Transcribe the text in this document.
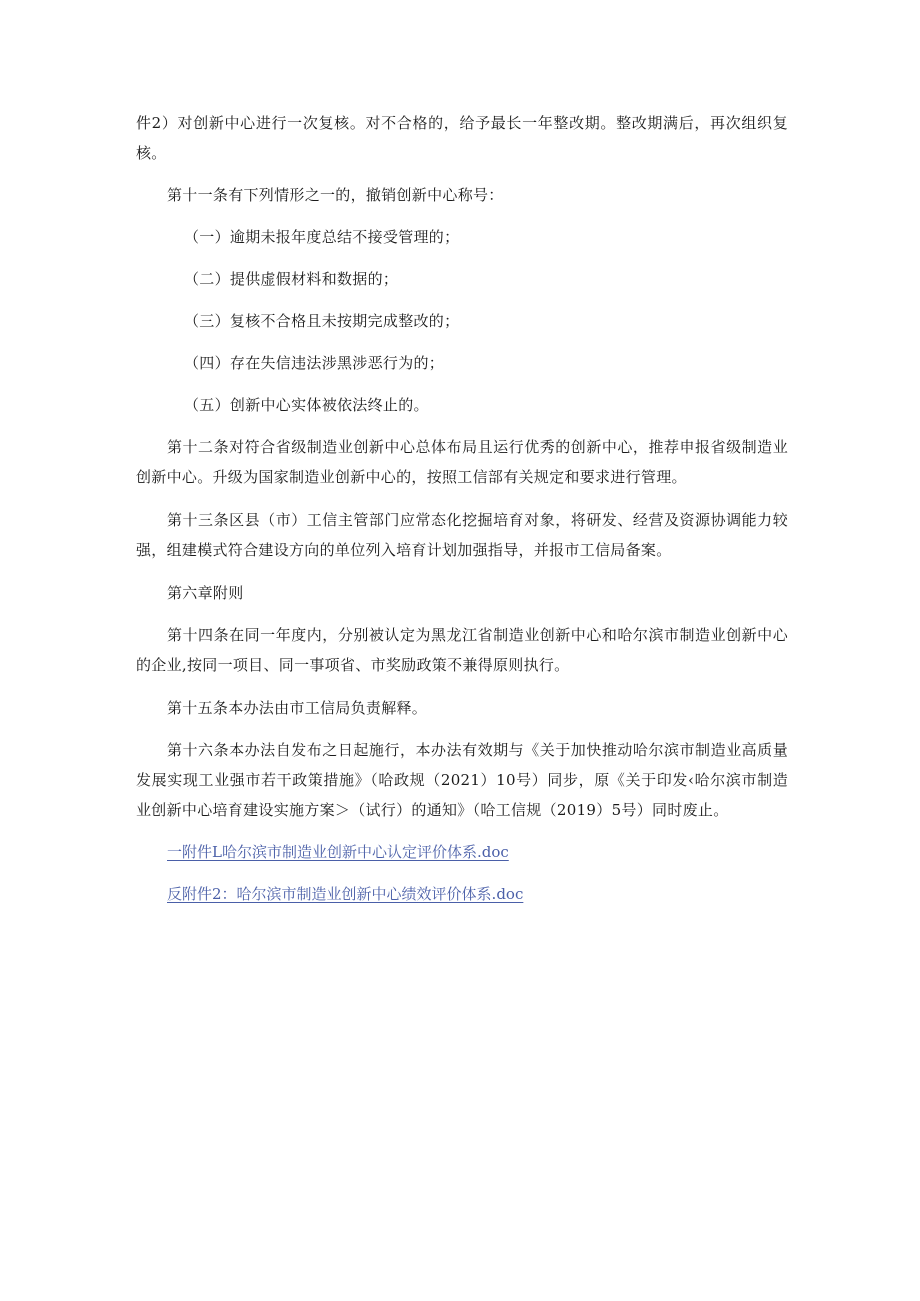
件2）对创新中心进行一次复核。对不合格的，给予最长一年整改期。整改期满后，再次组织复核。

第十一条有下列情形之一的，撤销创新中心称号：

（一）逾期未报年度总结不接受管理的；

（二）提供虚假材料和数据的；

（三）复核不合格且未按期完成整改的；

（四）存在失信违法涉黑涉恶行为的；

（五）创新中心实体被依法终止的。

第十二条对符合省级制造业创新中心总体布局且运行优秀的创新中心，推荐申报省级制造业创新中心。升级为国家制造业创新中心的，按照工信部有关规定和要求进行管理。

第十三条区县（市）工信主管部门应常态化挖掘培育对象，将研发、经营及资源协调能力较强，组建模式符合建设方向的单位列入培育计划加强指导，并报市工信局备案。

第六章附则

第十四条在同一年度内，分别被认定为黑龙江省制造业创新中心和哈尔滨市制造业创新中心的企业,按同一项目、同一事项省、市奖励政策不兼得原则执行。

第十五条本办法由市工信局负责解释。

第十六条本办法自发布之日起施行，本办法有效期与《关于加快推动哈尔滨市制造业高质量发展实现工业强市若干政策措施》（哈政规（2021）10号）同步，原《关于印发‹哈尔滨市制造业创新中心培育建设实施方案＞（试行）的通知》（哈工信规（2019）5号）同时废止。

一附件L哈尔滨市制造业创新中心认定评价体系.doc
反附件2：哈尔滨市制造业创新中心绩效评价体系.doc
